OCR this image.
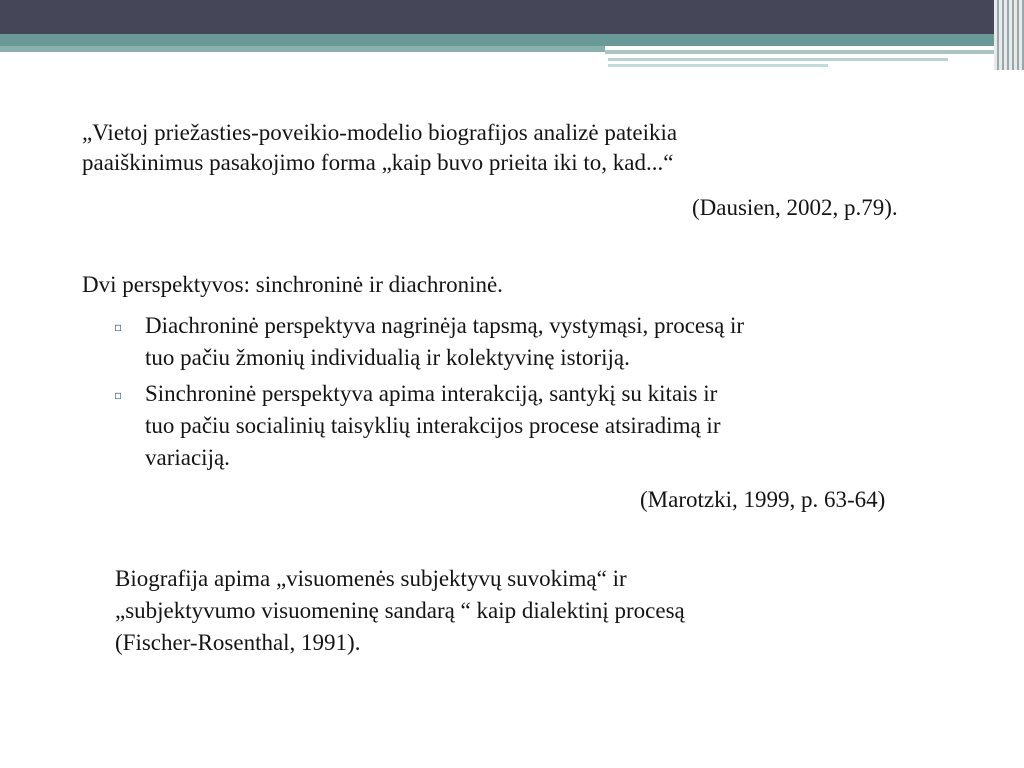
„Vietoj priežasties-poveikio-modelio biografijos analizė pateikia
paaiškinimus pasakojimo forma „kaip buvo prieita iki to, kad...“
(Dausien, 2002, p.79).
Dvi perspektyvos: sinchroninė ir diachroninė.
▫ Diachroninė perspektyva nagrinėja tapsmą, vystymąsi, procesą ir
tuo pačiu žmonių individualią ir kolektyvinę istoriją.
▫ Sinchroninė perspektyva apima interakciją, santykį su kitais ir
tuo pačiu socialinių taisyklių interakcijos procese atsiradimą ir
variaciją.
(Marotzki, 1999, p. 63-64)
Biografija apima „visuomenės subjektyvų suvokimą“ ir
„subjektyvumo visuomeninę sandarą “ kaip dialektinį procesą
(Fischer-Rosenthal, 1991).
